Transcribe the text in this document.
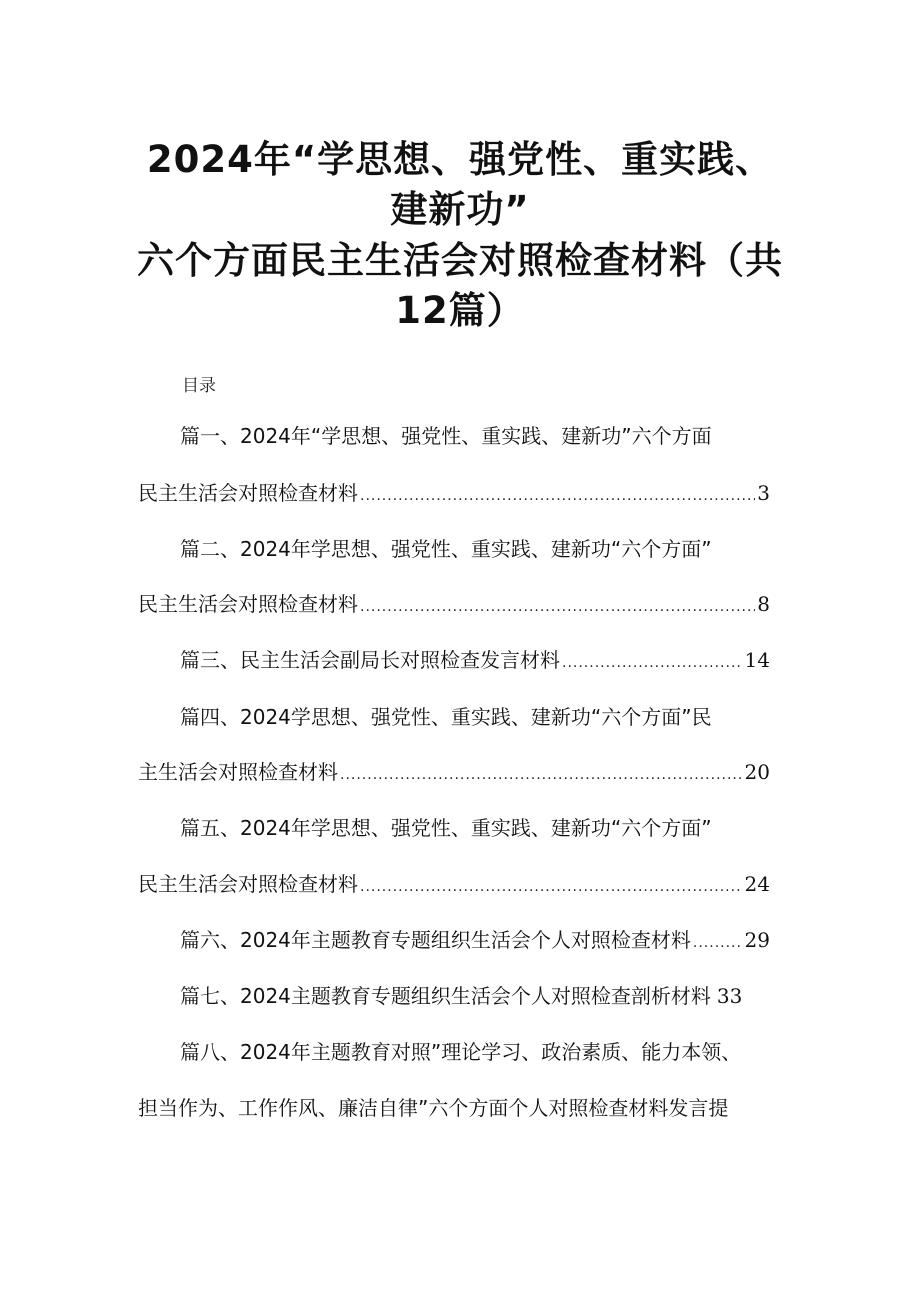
2024年“学思想、强党性、重实践、建新功”
六个方面民主生活会对照检查材料（共12篇）
目录
篇一、2024年“学思想、强党性、重实践、建新功”六个方面
民主生活会对照检查材料 .....	3
篇二、2024年学思想、强党性、重实践、建新功“六个方面”
民主生活会对照检查材料 .....	8
篇三、民主生活会副局长对照检查发言材料 .....	14
篇四、2024学思想、强党性、重实践、建新功“六个方面”民
主生活会对照检查材料 .....	20
篇五、2024年学思想、强党性、重实践、建新功“六个方面”
民主生活会对照检查材料 .....	24
篇六、2024年主题教育专题组织生活会个人对照检查材料 .....	29
篇七、2024主题教育专题组织生活会个人对照检查剖析材料 33
篇八、2024年主题教育对照”理论学习、政治素质、能力本领、
担当作为、工作作风、廉洁自律”六个方面个人对照检查材料发言提
